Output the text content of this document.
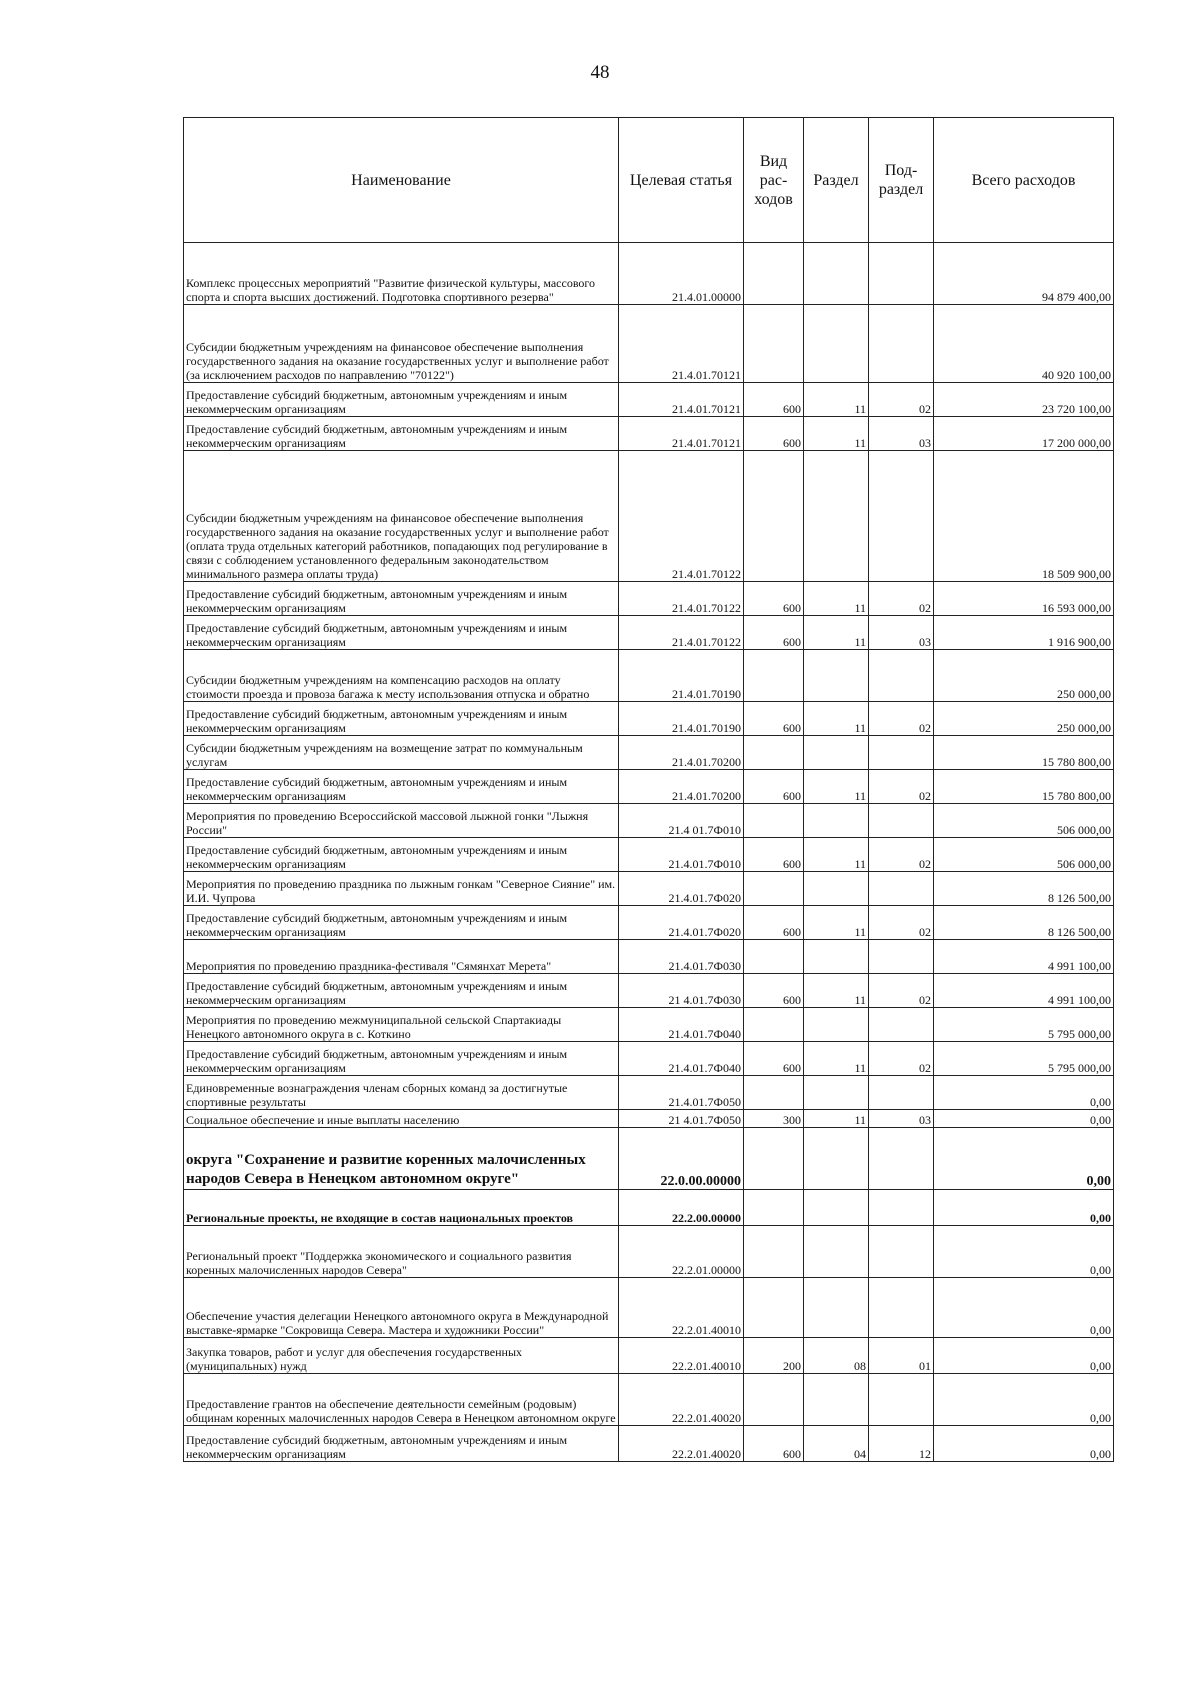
48
Наименование	Целевая статья	Вид рас-ходов	Раздел	Под-раздел	Всего расходов
Комплекс процессных мероприятий "Развитие физической культуры, массового спорта и спорта высших достижений. Подготовка спортивного резерва"	21.4.01.00000				94 879 400,00
Субсидии бюджетным учреждениям на финансовое обеспечение выполнения государственного задания на оказание государственных услуг и выполнение работ (за исключением расходов по направлению "70122")	21.4.01.70121				40 920 100,00
Предоставление субсидий бюджетным, автономным учреждениям и иным некоммерческим организациям	21.4.01.70121	600	11	02	23 720 100,00
Предоставление субсидий бюджетным, автономным учреждениям и иным некоммерческим организациям	21.4.01.70121	600	11	03	17 200 000,00
Субсидии бюджетным учреждениям на финансовое обеспечение выполнения государственного задания на оказание государственных услуг и выполнение работ (оплата труда отдельных категорий работников, попадающих под регулирование в связи с соблюдением установленного федеральным законодательством минимального размера оплаты труда)	21.4.01.70122				18 509 900,00
Предоставление субсидий бюджетным, автономным учреждениям и иным некоммерческим организациям	21.4.01.70122	600	11	02	16 593 000,00
Предоставление субсидий бюджетным, автономным учреждениям и иным некоммерческим организациям	21.4.01.70122	600	11	03	1 916 900,00
Субсидии бюджетным учреждениям на компенсацию расходов на оплату стоимости проезда и провоза багажа к месту использования отпуска и обратно	21.4.01.70190				250 000,00
Предоставление субсидий бюджетным, автономным учреждениям и иным некоммерческим организациям	21.4.01.70190	600	11	02	250 000,00
Субсидии бюджетным учреждениям на возмещение затрат по коммунальным услугам	21.4.01.70200				15 780 800,00
Предоставление субсидий бюджетным, автономным учреждениям и иным некоммерческим организациям	21.4.01.70200	600	11	02	15 780 800,00
Мероприятия по проведению Всероссийской массовой лыжной гонки "Лыжня России"	21.4 01.7Ф010				506 000,00
Предоставление субсидий бюджетным, автономным учреждениям и иным некоммерческим организациям	21.4.01.7Ф010	600	11	02	506 000,00
Мероприятия по проведению праздника по лыжным гонкам "Северное Сияние" им. И.И. Чупрова	21.4.01.7Ф020				8 126 500,00
Предоставление субсидий бюджетным, автономным учреждениям и иным некоммерческим организациям	21.4.01.7Ф020	600	11	02	8 126 500,00
Мероприятия по проведению праздника-фестиваля "Сямянхат Мерета"	21.4.01.7Ф030				4 991 100,00
Предоставление субсидий бюджетным, автономным учреждениям и иным некоммерческим организациям	21 4.01.7Ф030	600	11	02	4 991 100,00
Мероприятия по проведению межмуниципальной сельской Спартакиады Ненецкого автономного округа в с. Коткино	21.4.01.7Ф040				5 795 000,00
Предоставление субсидий бюджетным, автономным учреждениям и иным некоммерческим организациям	21.4.01.7Ф040	600	11	02	5 795 000,00
Единовременные вознаграждения членам сборных команд за достигнутые спортивные результаты	21.4.01.7Ф050				0,00
Социальное обеспечение и иные выплаты населению	21 4.01.7Ф050	300	11	03	0,00
округа "Сохранение и развитие коренных малочисленных народов Севера в Ненецком автономном округе"	22.0.00.00000				0,00
Региональные проекты, не входящие в состав национальных проектов	22.2.00.00000				0,00
Региональный проект "Поддержка экономического и социального развития коренных малочисленных народов Севера"	22.2.01.00000				0,00
Обеспечение участия делегации Ненецкого автономного округа в Международной выставке-ярмарке "Сокровища Севера. Мастера и художники России"	22.2.01.40010				0,00
Закупка товаров, работ и услуг для обеспечения государственных (муниципальных) нужд	22.2.01.40010	200	08	01	0,00
Предоставление грантов на обеспечение деятельности семейным (родовым) общинам коренных малочисленных народов Севера в Ненецком автономном округе	22.2.01.40020				0,00
Предоставление субсидий бюджетным, автономным учреждениям и иным некоммерческим организациям	22.2.01.40020	600	04	12	0,00
